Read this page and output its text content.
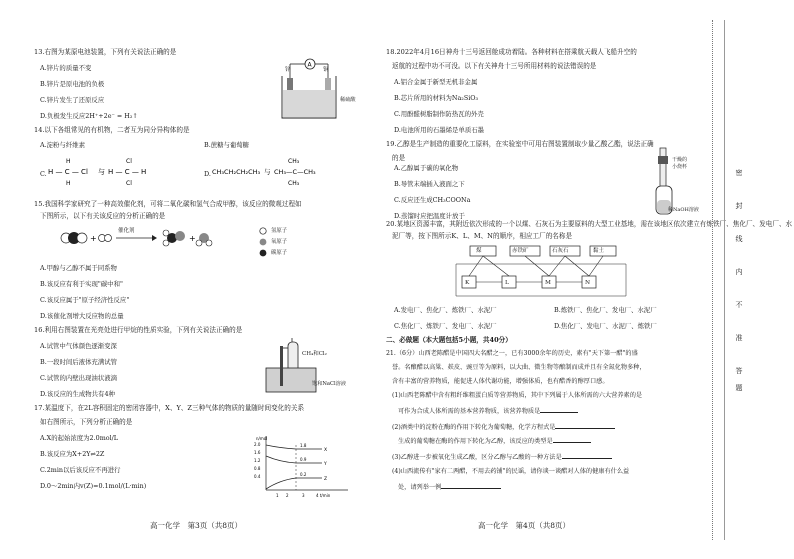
13.右图为某原电池装置，下列有关说法正确的是
A.锌片的质量不变
B.锌片是原电池的负极
C.锌片发生了还原反应
D.负极发生反应2H⁺+2e⁻ = H₂↑
A
锌	铜
稀硫酸
14.以下各组常见的有机物，二者互为同分异构体的是
A.淀粉与纤维素	B.蔗糖与葡萄糖
C. H — C — Cl 与 H — C — H
H
H
Cl
Cl
D. CH₃CH₂CH₂CH₃ 与 CH₃—C—CH₃
CH₃
CH₃
15.我国科学家研究了一种高效催化剂，可将二氧化碳和氢气合成甲醇，该反应的微观过程如
下图所示，以下有关该反应的分析正确的是
+	+
催化剂	氢原子
氧原子
碳原子
A.甲醇与乙醇不属于同系物
B.该反应有利于实现"碳中和"
C.该反应属于"原子经济性反应"
D.该催化剂增大反应物的总量
16.利用右图装置在光亮处进行甲烷的性质实验，下列有关说法正确的是
A.试管中气体颜色逐渐变深
B.一段时间后液体充满试管
C.试管的内壁出现油状液滴
D.该反应的生成物共有4种
CH₄和Cl₂
饱和NaCl溶液
17.某温度下，在2L容积固定的密闭容器中，X、Y、Z三种气体的物质的量随时间变化的关系
如右图所示，下列分析正确的是
A.X的起始浓度为2.0mol/L
B.该反应为X+2Y⇌2Z
C.2min以后该反应不再进行
D.0～2min内v(Z)=0.1mol/(L·min)
n/mol
2.0
1.6
1.2
0.8
0.4
X
Y
Z
1.8
0.9
0.2
1 2	3	4 t/min
高一化学　第3页（共8页）
18.2022年4月16日神舟十三号返回舱成功着陆。各种材料在搭乘航天载人飞船升空的
返航的过程中功不可没。以下有关神舟十三号所用材料的说法错误的是
A.铝合金属于新型无机非金属
B.芯片所用的材料为Na₂SiO₃
C.用酚醛树脂制作防热瓦的外壳
D.电池所用的石墨烯是单质石墨
19.乙醇是生产制造的重要化工原料，在实验室中可用右图装置制取少量乙酸乙酯，说法正确
的是
A.乙醇属于碳的氧化物
B.导管末端插入液面之下
C.反应还生成CH₃COONa
D.蒸馏时应把温度计放于
干燥的
小烧杯
稀NaOH溶液
20.某地区资源丰富，其附近依次形成的一个以煤、石灰石为主要原料的大型工业基地，需在该地区依次建立有炼铁厂、焦化厂、发电厂、水
泥厂等，按下图所示K、L、M、N的顺序，相应工厂的名称是
煤	赤铁矿	石灰石	黏土
K	L	M	N
A.发电厂、焦化厂、炼铁厂、水泥厂	B.炼铁厂、焦化厂、发电厂、水泥厂
C.焦化厂、炼铁厂、发电厂、水泥厂	D.焦化厂、发电厂、水泥厂、炼铁厂
二、必做题（本大题包括5小题，共40分）
21.（6分）山西老陈醋是中国四大名醋之一，已有3000余年的历史，素有"天下第一醋"的盛
誉。名酿醋以高粱、麸皮、豌豆等为原料，以大曲、微生物等酿制而成并且有全氮化物多种，
含有丰富的营养物质，能促进人体代谢功能，增强体质，也有醋香的醇厚口感。
(1)山西老陈醋中含有粗纤维粗蛋白质等营养物质，其中下列属于人体所需的六大营养素的是
可作为合成人体所需的基本营养物质，该营养物质是
(2)酒类中的淀粉在酶的作用下转化为葡萄糖，化学方程式是
生成的葡萄糖在酶的作用下转化为乙醇，该反应的类型是
(3)乙醇进一步被氧化生成乙酸，区分乙醇与乙酸的一种方法是
(4)山西流传有"家有二两醋，不用去药铺"的民谣，请你谈一谈醋对人体的健康有什么益
处，请列举一例
高一化学　第4页（共8页）
密
封
线
内
不
准
答
题
